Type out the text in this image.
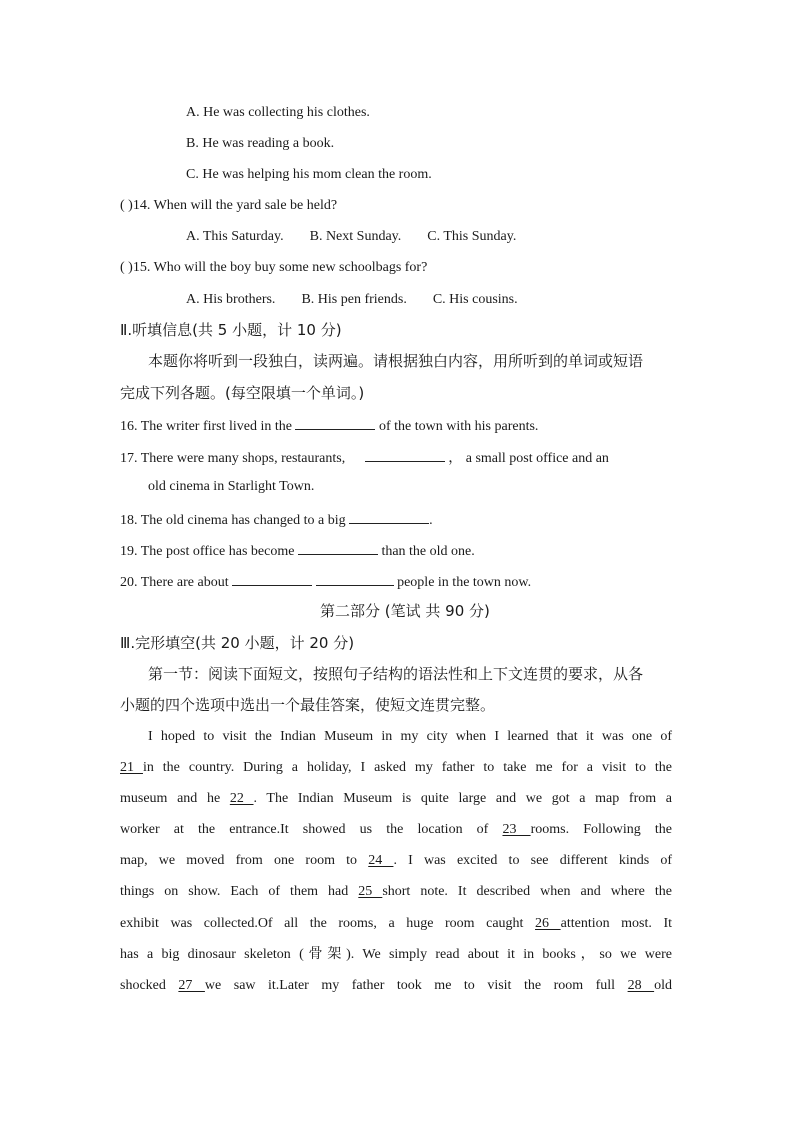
A. He was collecting his clothes.
B. He was reading a book.
C. He was helping his mom clean the room.
( )14. When will the yard sale be held?
A. This Saturday. B. Next Sunday. C. This Sunday.
( )15. Who will the boy buy some new schoolbags for?
A. His brothers. B. His pen friends. C. His cousins.
Ⅱ.听填信息(共 5 小题，计 10 分)
本题你将听到一段独白，读两遍。请根据独白内容，用所听到的单词或短语
完成下列各题。(每空限填一个单词。)
16. The writer first lived in the	of the town with his parents.
17. There were many shops, restaurants,	， a small post office and an
old cinema in Starlight Town.
18. The old cinema has changed to a big	.
19. The post office has become	than the old one.
20. There are about	people in the town now.
第二部分 (笔试 共 90 分)
Ⅲ.完形填空(共 20 小题，计 20 分)
第一节：阅读下面短文，按照句子结构的语法性和上下文连贯的要求，从各
小题的四个选项中选出一个最佳答案，使短文连贯完整。
I hoped to visit the Indian Museum in my city when I learned that it was one of
21 in the country. During a holiday, I asked my father to take me for a visit to the
museum and he 22 . The Indian Museum is quite large and we got a map from a
worker at the entrance.It showed us the location of 23 rooms. Following the
map, we moved from one room to 24 . I was excited to see different kinds of
things on show. Each of them had 25 short note. It described when and where the
exhibit was collected.Of all the rooms, a huge room caught 26 attention most. It
has a big dinosaur skeleton (骨架). We simply read about it in books，so we were
shocked 27 we saw it.Later my father took me to visit the room full 28 old
